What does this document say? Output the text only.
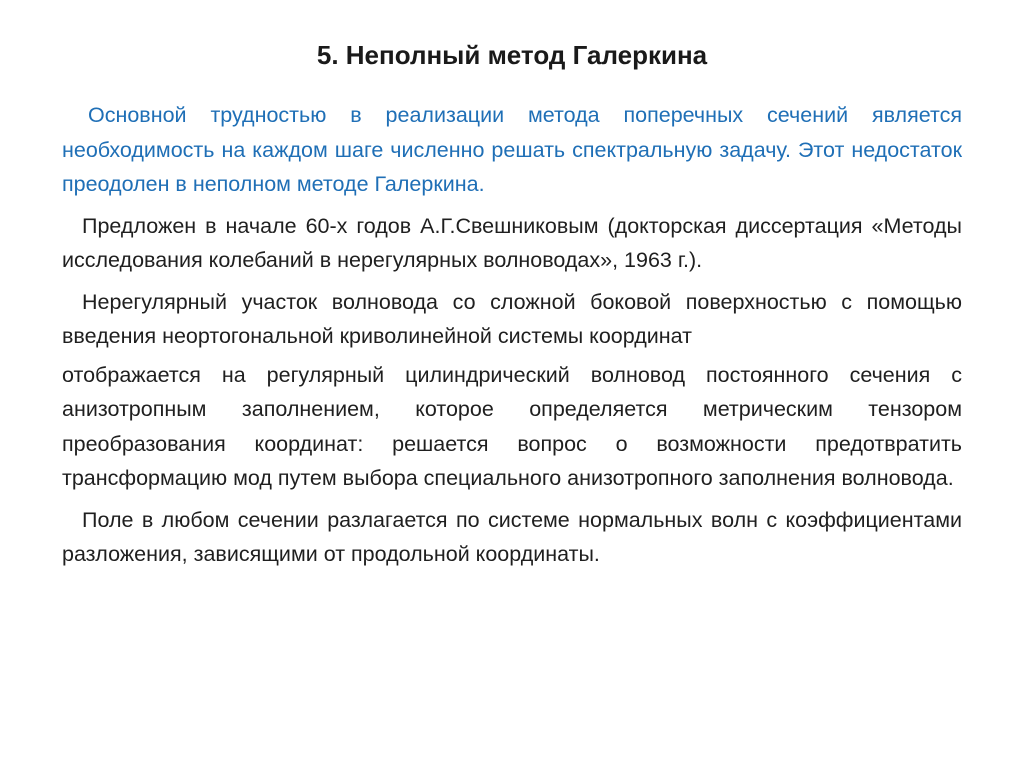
5. Неполный метод Галеркина

Основной трудностью в реализации метода поперечных сечений является необходимость на каждом шаге численно решать спектральную задачу. Этот недостаток преодолен в неполном методе Галеркина.

Предложен в начале 60-х годов А.Г.Свешниковым (докторская диссертация «Методы исследования колебаний в нерегулярных волноводах», 1963 г.).

Нерегулярный участок волновода со сложной боковой поверхностью с помощью введения неортогональной криволинейной системы координат

отображается на регулярный цилиндрический волновод постоянного сечения с анизотропным заполнением, которое определяется метрическим тензором преобразования координат: решается вопрос о возможности предотвратить трансформацию мод путем выбора специального анизотропного заполнения волновода.

Поле в любом сечении разлагается по системе нормальных волн с коэффициентами разложения, зависящими от продольной координаты.
